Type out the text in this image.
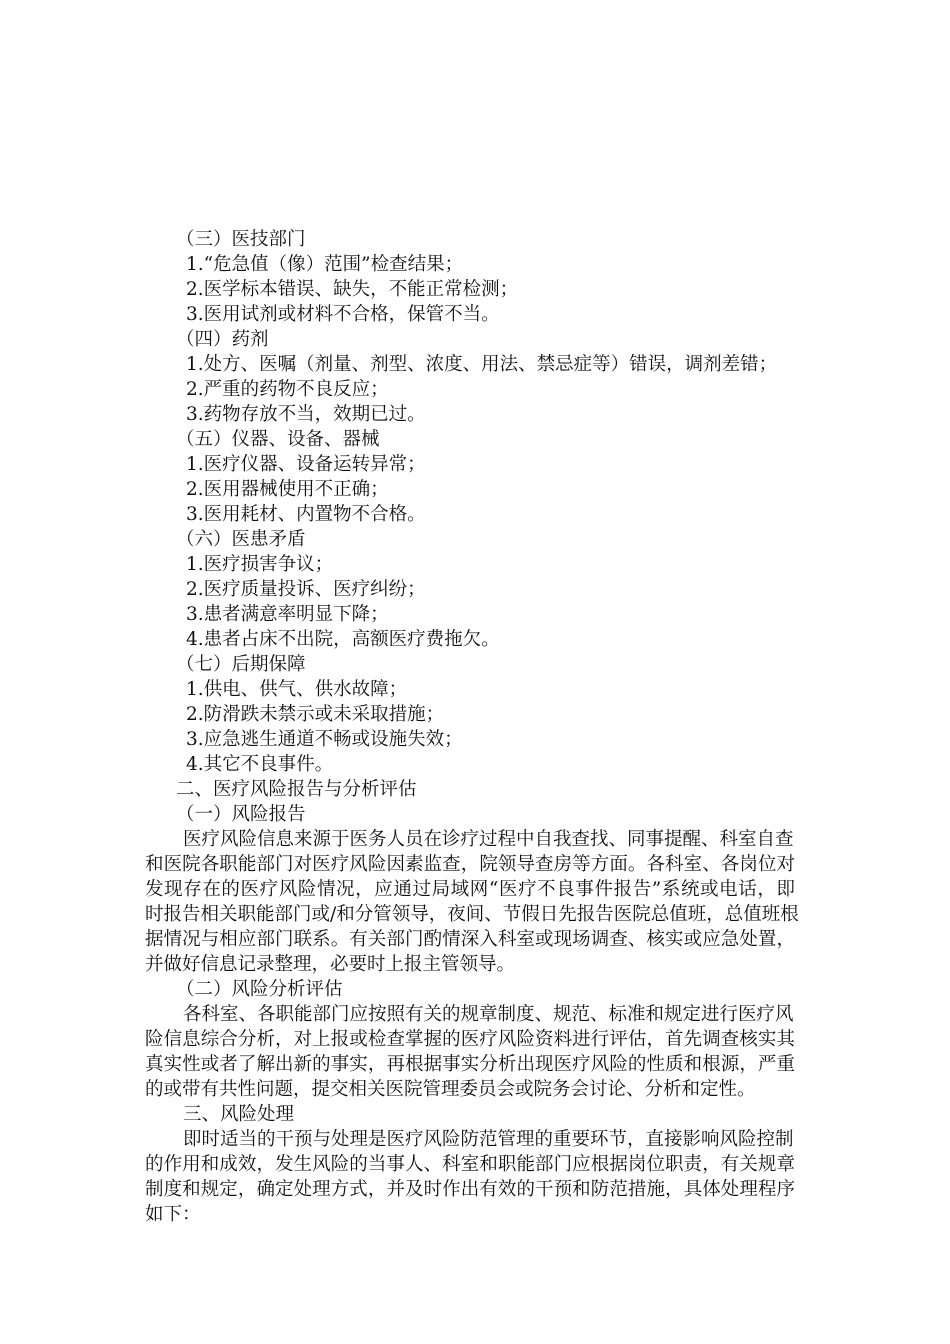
（三）医技部门

1.“危急值（像）范围”检查结果；

2.医学标本错误、缺失，不能正常检测；

3.医用试剂或材料不合格，保管不当。

（四）药剂

1.处方、医嘱（剂量、剂型、浓度、用法、禁忌症等）错误，调剂差错；

2.严重的药物不良反应；

3.药物存放不当，效期已过。

（五）仪器、设备、器械

1.医疗仪器、设备运转异常；

2.医用器械使用不正确；

3.医用耗材、内置物不合格。

（六）医患矛盾

1.医疗损害争议；

2.医疗质量投诉、医疗纠纷；

3.患者满意率明显下降；

4.患者占床不出院，高额医疗费拖欠。

（七）后期保障

1.供电、供气、供水故障；

2.防滑跌未禁示或未采取措施；

3.应急逃生通道不畅或设施失效；

4.其它不良事件。

二、医疗风险报告与分析评估

（一）风险报告

医疗风险信息来源于医务人员在诊疗过程中自我查找、同事提醒、科室自查

和医院各职能部门对医疗风险因素监查，院领导查房等方面。各科室、各岗位对

发现存在的医疗风险情况，应通过局域网“医疗不良事件报告”系统或电话，即

时报告相关职能部门或/和分管领导，夜间、节假日先报告医院总值班，总值班根

据情况与相应部门联系。有关部门酌情深入科室或现场调查、核实或应急处置，

并做好信息记录整理，必要时上报主管领导。

（二）风险分析评估

各科室、各职能部门应按照有关的规章制度、规范、标准和规定进行医疗风

险信息综合分析，对上报或检查掌握的医疗风险资料进行评估，首先调查核实其

真实性或者了解出新的事实，再根据事实分析出现医疗风险的性质和根源，严重

的或带有共性问题，提交相关医院管理委员会或院务会讨论、分析和定性。

三、风险处理

即时适当的干预与处理是医疗风险防范管理的重要环节，直接影响风险控制

的作用和成效，发生风险的当事人、科室和职能部门应根据岗位职责，有关规章

制度和规定，确定处理方式，并及时作出有效的干预和防范措施，具体处理程序

如下：
